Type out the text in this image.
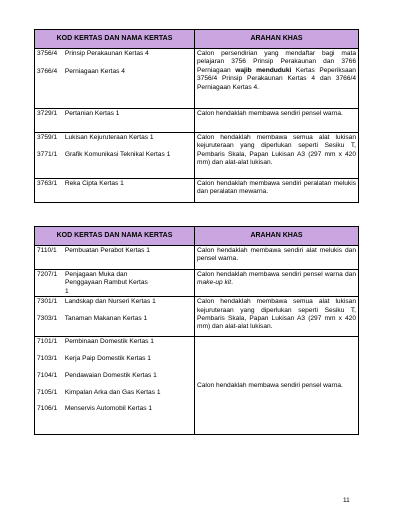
KOD KERTAS DAN NAMA KERTAS	ARAHAN KHAS

3756/4 Prinsip Perakaunan Kertas 4
3766/4 Perniagaan Kertas 4	Calon persendirian yang mendaftar bagi mata pelajaran 3756 Prinsip Perakaunan dan 3766 Perniagaan wajib menduduki Kertas Peperiksaan 3756/4 Prinsip Perakaunan Kertas 4 dan 3766/4 Perniagaan Kertas 4.

3729/1 Pertanian Kertas 1	Calon hendaklah membawa sendiri pensel warna.

3759/1 Lukisan Kejuruteraan Kertas 1
3771/1 Grafik Komunikasi Teknikal Kertas 1	Calon hendaklah membawa semua alat lukisan kejuruteraan yang diperlukan seperti Sesiku T, Pembaris Skala, Papan Lukisan A3 (297 mm x 420 mm) dan alat-alat lukisan.

3763/1 Reka Cipta Kertas 1	Calon hendaklah membawa sendiri peralatan melukis dan peralatan mewarna.
KOD KERTAS DAN NAMA KERTAS	ARAHAN KHAS

7110/1 Pembuatan Perabot Kertas 1	Calon hendaklah membawa sendiri alat melukis dan pensel warna.

7207/1 Penjagaan Muka dan Penggayaan Rambut Kertas 1	Calon hendaklah membawa sendiri pensel warna dan make-up kit.

7301/1 Landskap dan Nurseri Kertas 1
7303/1 Tanaman Makanan Kertas 1	Calon hendaklah membawa semua alat lukisan kejuruteraan yang diperlukan seperti Sesiku T, Pembaris Skala, Papan Lukisan A3 (297 mm x 420 mm) dan alat-alat lukisan.

7101/1 Pembinaan Domestik Kertas 1
7103/1 Kerja Paip Domestik Kertas 1
7104/1 Pendawaian Domestik Kertas 1
7105/1 Kimpalan Arka dan Gas Kertas 1
7106/1 Menservis Automobil Kertas 1	Calon hendaklah membawa sendiri pensel warna.
11
